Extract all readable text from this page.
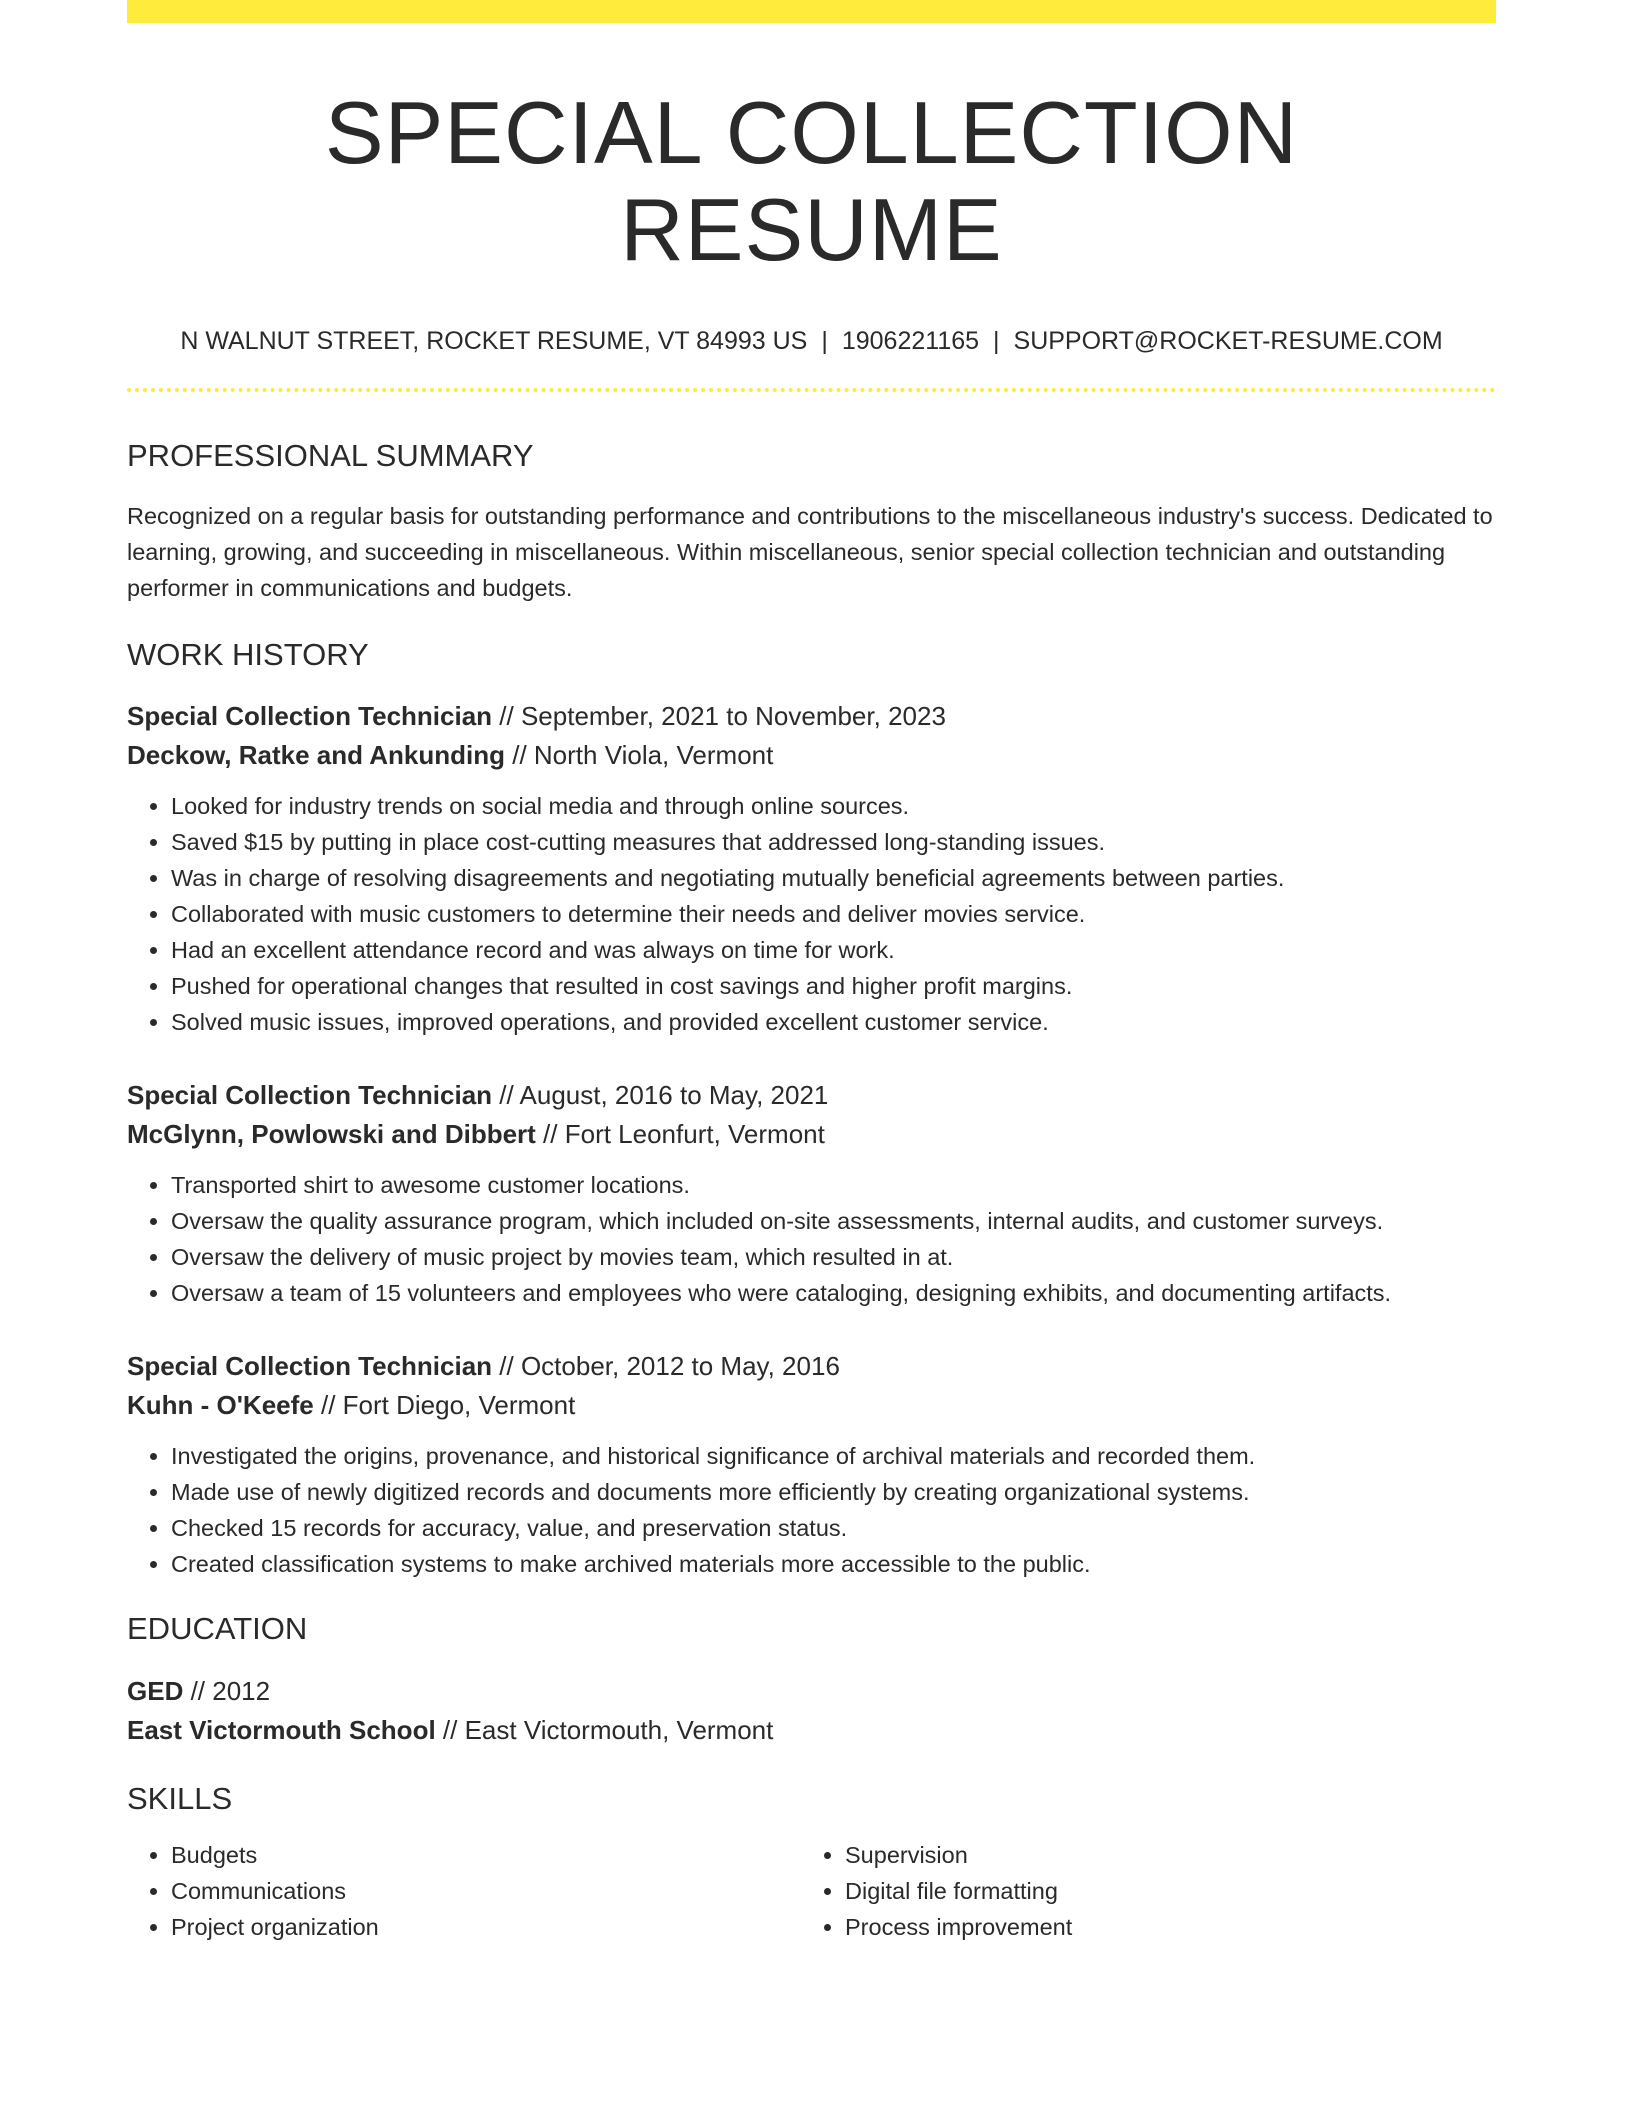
SPECIAL COLLECTION RESUME
N WALNUT STREET, ROCKET RESUME, VT 84993 US | 1906221165 | SUPPORT@ROCKET-RESUME.COM
PROFESSIONAL SUMMARY

Recognized on a regular basis for outstanding performance and contributions to the miscellaneous industry's success. Dedicated to learning, growing, and succeeding in miscellaneous. Within miscellaneous, senior special collection technician and outstanding performer in communications and budgets.

WORK HISTORY
Special Collection Technician // September, 2021 to November, 2023
Deckow, Ratke and Ankunding // North Viola, Vermont
• Looked for industry trends on social media and through online sources.
• Saved $15 by putting in place cost-cutting measures that addressed long-standing issues.
• Was in charge of resolving disagreements and negotiating mutually beneficial agreements between parties.
• Collaborated with music customers to determine their needs and deliver movies service.
• Had an excellent attendance record and was always on time for work.
• Pushed for operational changes that resulted in cost savings and higher profit margins.
• Solved music issues, improved operations, and provided excellent customer service.
Special Collection Technician // August, 2016 to May, 2021
McGlynn, Powlowski and Dibbert // Fort Leonfurt, Vermont
• Transported shirt to awesome customer locations.
• Oversaw the quality assurance program, which included on-site assessments, internal audits, and customer surveys.
• Oversaw the delivery of music project by movies team, which resulted in at.
• Oversaw a team of 15 volunteers and employees who were cataloging, designing exhibits, and documenting artifacts.
Special Collection Technician // October, 2012 to May, 2016
Kuhn - O'Keefe // Fort Diego, Vermont
• Investigated the origins, provenance, and historical significance of archival materials and recorded them.
• Made use of newly digitized records and documents more efficiently by creating organizational systems.
• Checked 15 records for accuracy, value, and preservation status.
• Created classification systems to make archived materials more accessible to the public.
EDUCATION
GED // 2012
East Victormouth School // East Victormouth, Vermont
SKILLS
• Budgets
• Communications
• Project organization
• Supervision
• Digital file formatting
• Process improvement
